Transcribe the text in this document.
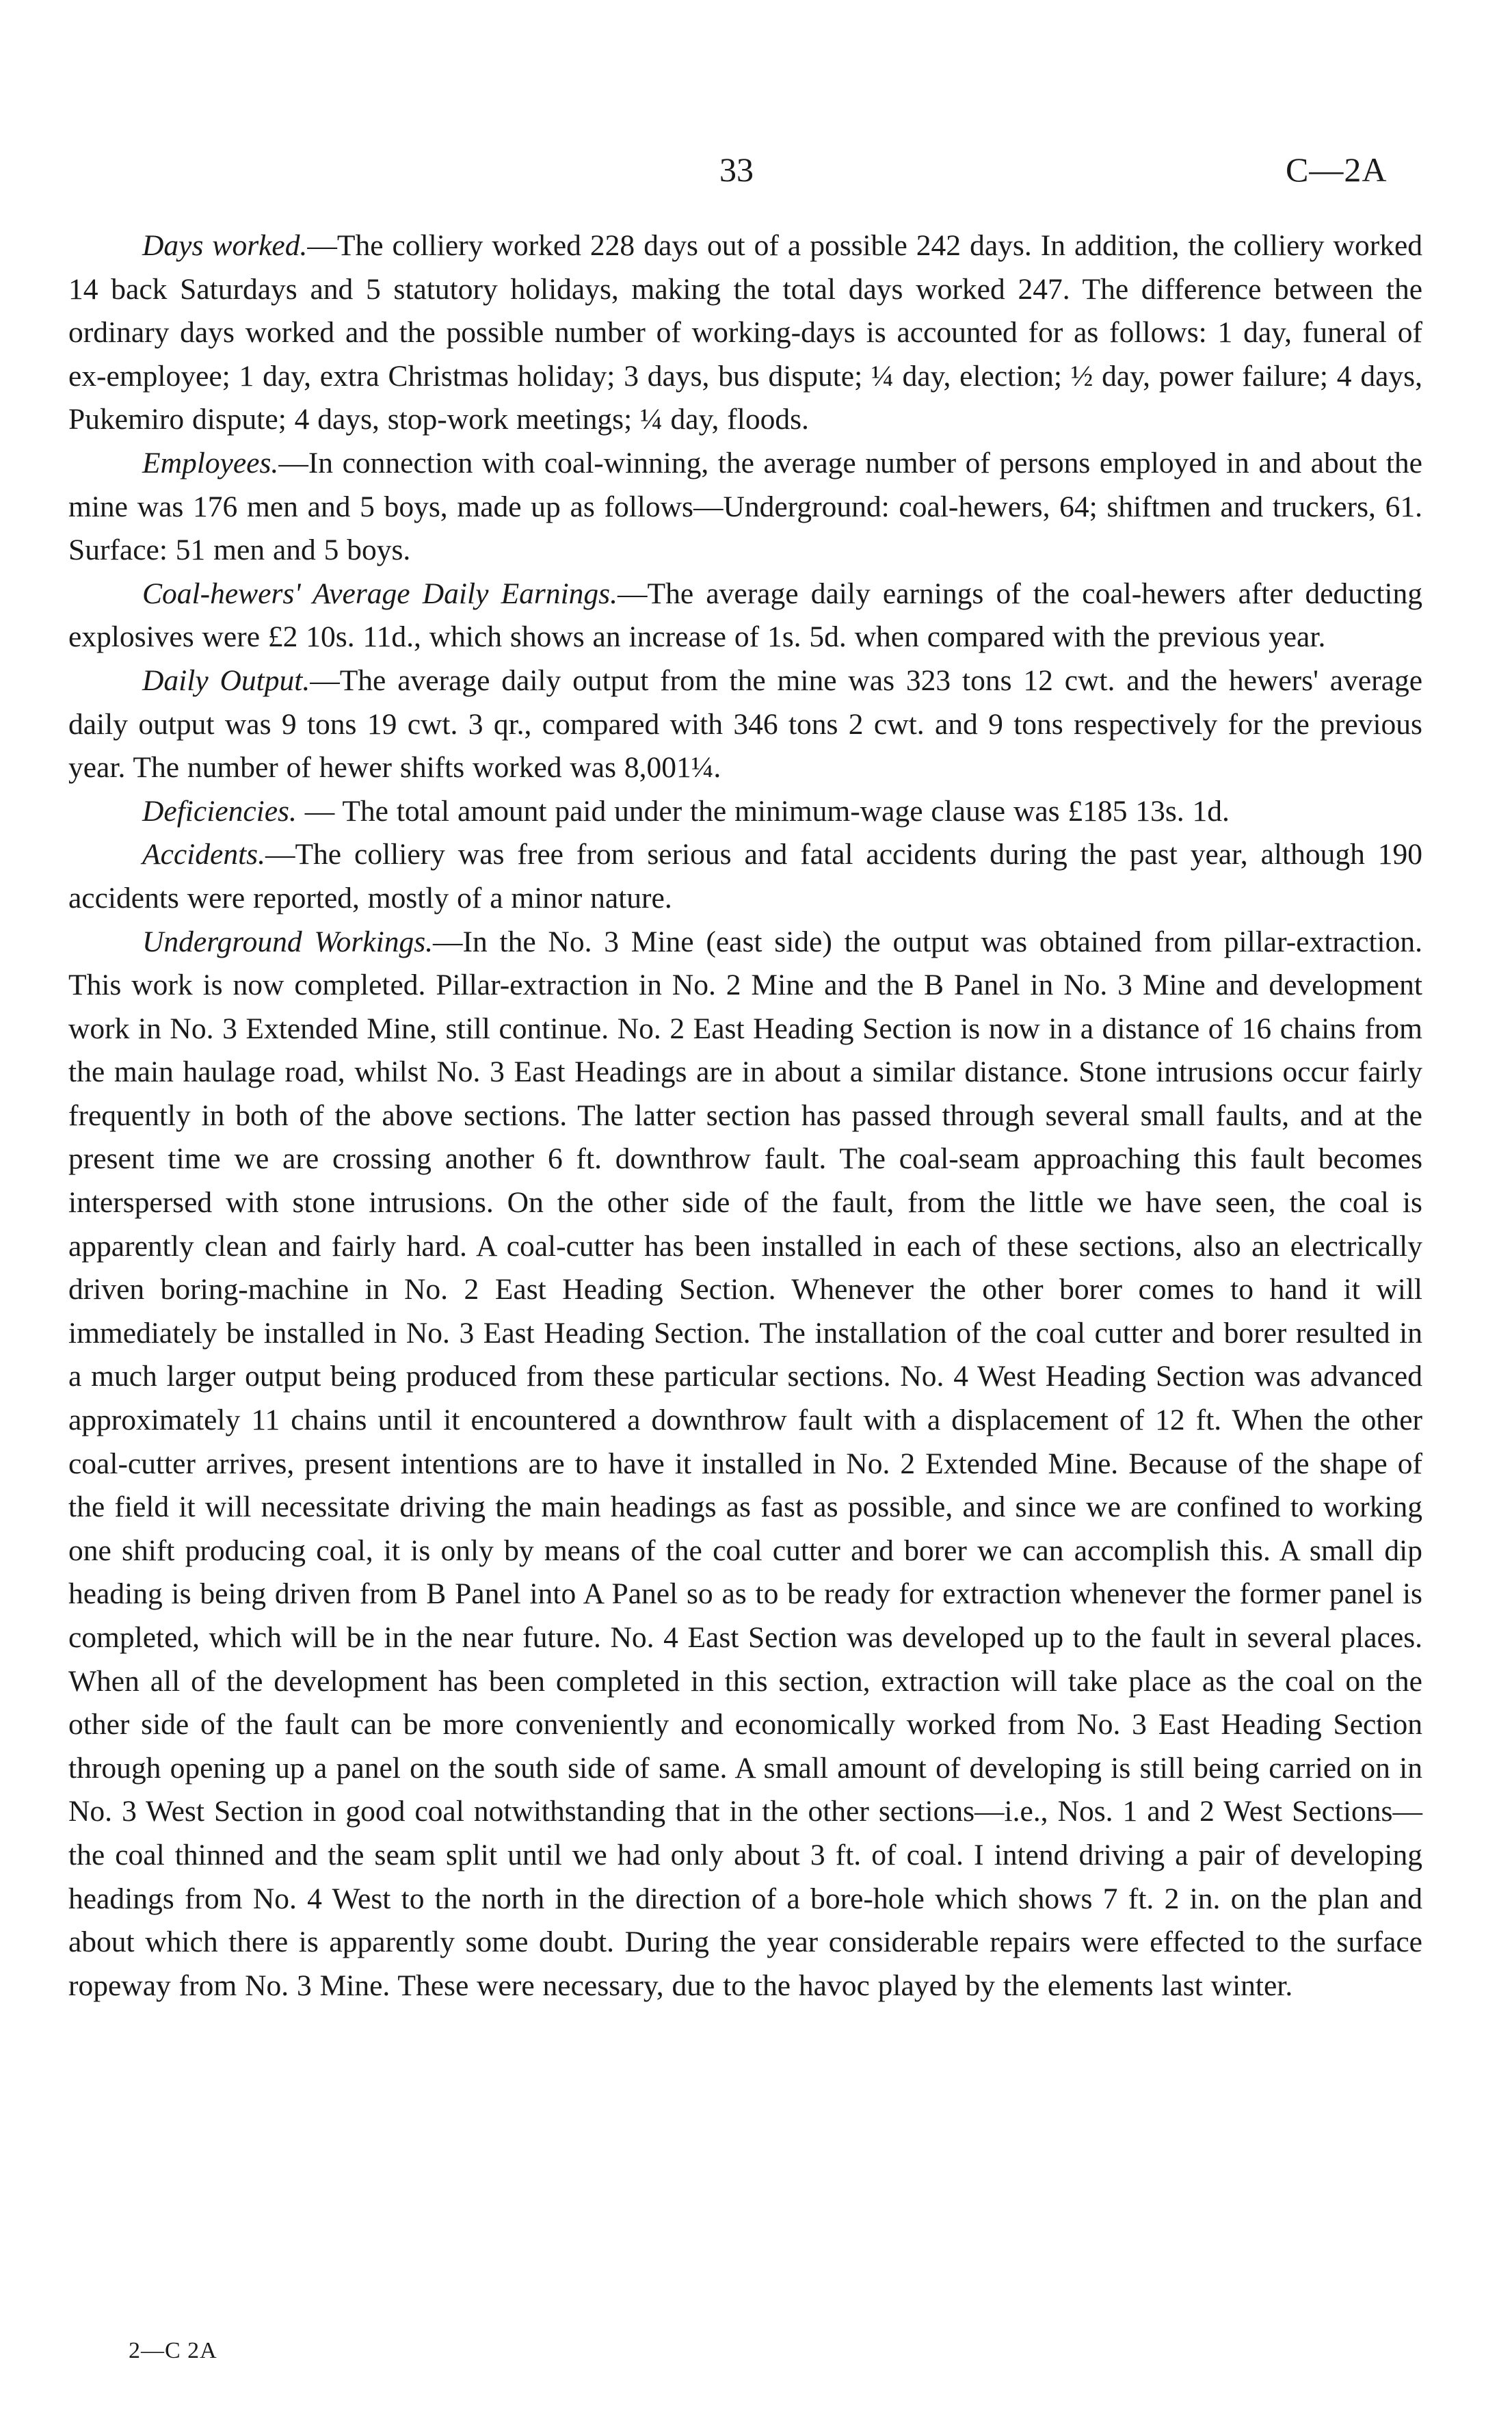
33	C—2A

Days worked.—The colliery worked 228 days out of a possible 242 days. In addition, the colliery worked 14 back Saturdays and 5 statutory holidays, making the total days worked 247. The difference between the ordinary days worked and the possible number of working-days is accounted for as follows: 1 day, funeral of ex-employee; 1 day, extra Christmas holiday; 3 days, bus dispute; ¼ day, election; ½ day, power failure; 4 days, Pukemiro dispute; 4 days, stop-work meetings; ¼ day, floods.

Employees.—In connection with coal-winning, the average number of persons employed in and about the mine was 176 men and 5 boys, made up as follows—Underground: coal-hewers, 64; shiftmen and truckers, 61. Surface: 51 men and 5 boys.

Coal-hewers' Average Daily Earnings.—The average daily earnings of the coal-hewers after deducting explosives were £2 10s. 11d., which shows an increase of 1s. 5d. when compared with the previous year.

Daily Output.—The average daily output from the mine was 323 tons 12 cwt. and the hewers' average daily output was 9 tons 19 cwt. 3 qr., compared with 346 tons 2 cwt. and 9 tons respectively for the previous year. The number of hewer shifts worked was 8,001¼.

Deficiencies. — The total amount paid under the minimum-wage clause was £185 13s. 1d.

Accidents.—The colliery was free from serious and fatal accidents during the past year, although 190 accidents were reported, mostly of a minor nature.

Underground Workings.—In the No. 3 Mine (east side) the output was obtained from pillar-extraction. This work is now completed. Pillar-extraction in No. 2 Mine and the B Panel in No. 3 Mine and development work in No. 3 Extended Mine, still continue. No. 2 East Heading Section is now in a distance of 16 chains from the main haulage road, whilst No. 3 East Headings are in about a similar distance. Stone intrusions occur fairly frequently in both of the above sections. The latter section has passed through several small faults, and at the present time we are crossing another 6 ft. downthrow fault. The coal-seam approaching this fault becomes interspersed with stone intrusions. On the other side of the fault, from the little we have seen, the coal is apparently clean and fairly hard. A coal-cutter has been installed in each of these sections, also an electrically driven boring-machine in No. 2 East Heading Section. Whenever the other borer comes to hand it will immediately be installed in No. 3 East Heading Section. The installation of the coal cutter and borer resulted in a much larger output being produced from these particular sections. No. 4 West Heading Section was advanced approximately 11 chains until it encountered a downthrow fault with a displacement of 12 ft. When the other coal-cutter arrives, present intentions are to have it installed in No. 2 Extended Mine. Because of the shape of the field it will necessitate driving the main headings as fast as possible, and since we are confined to working one shift producing coal, it is only by means of the coal cutter and borer we can accomplish this. A small dip heading is being driven from B Panel into A Panel so as to be ready for extraction whenever the former panel is completed, which will be in the near future. No. 4 East Section was developed up to the fault in several places. When all of the development has been completed in this section, extraction will take place as the coal on the other side of the fault can be more conveniently and economically worked from No. 3 East Heading Section through opening up a panel on the south side of same. A small amount of developing is still being carried on in No. 3 West Section in good coal notwithstanding that in the other sections—i.e., Nos. 1 and 2 West Sections—the coal thinned and the seam split until we had only about 3 ft. of coal. I intend driving a pair of developing headings from No. 4 West to the north in the direction of a bore-hole which shows 7 ft. 2 in. on the plan and about which there is apparently some doubt. During the year considerable repairs were effected to the surface ropeway from No. 3 Mine. These were necessary, due to the havoc played by the elements last winter.

2—C 2A
